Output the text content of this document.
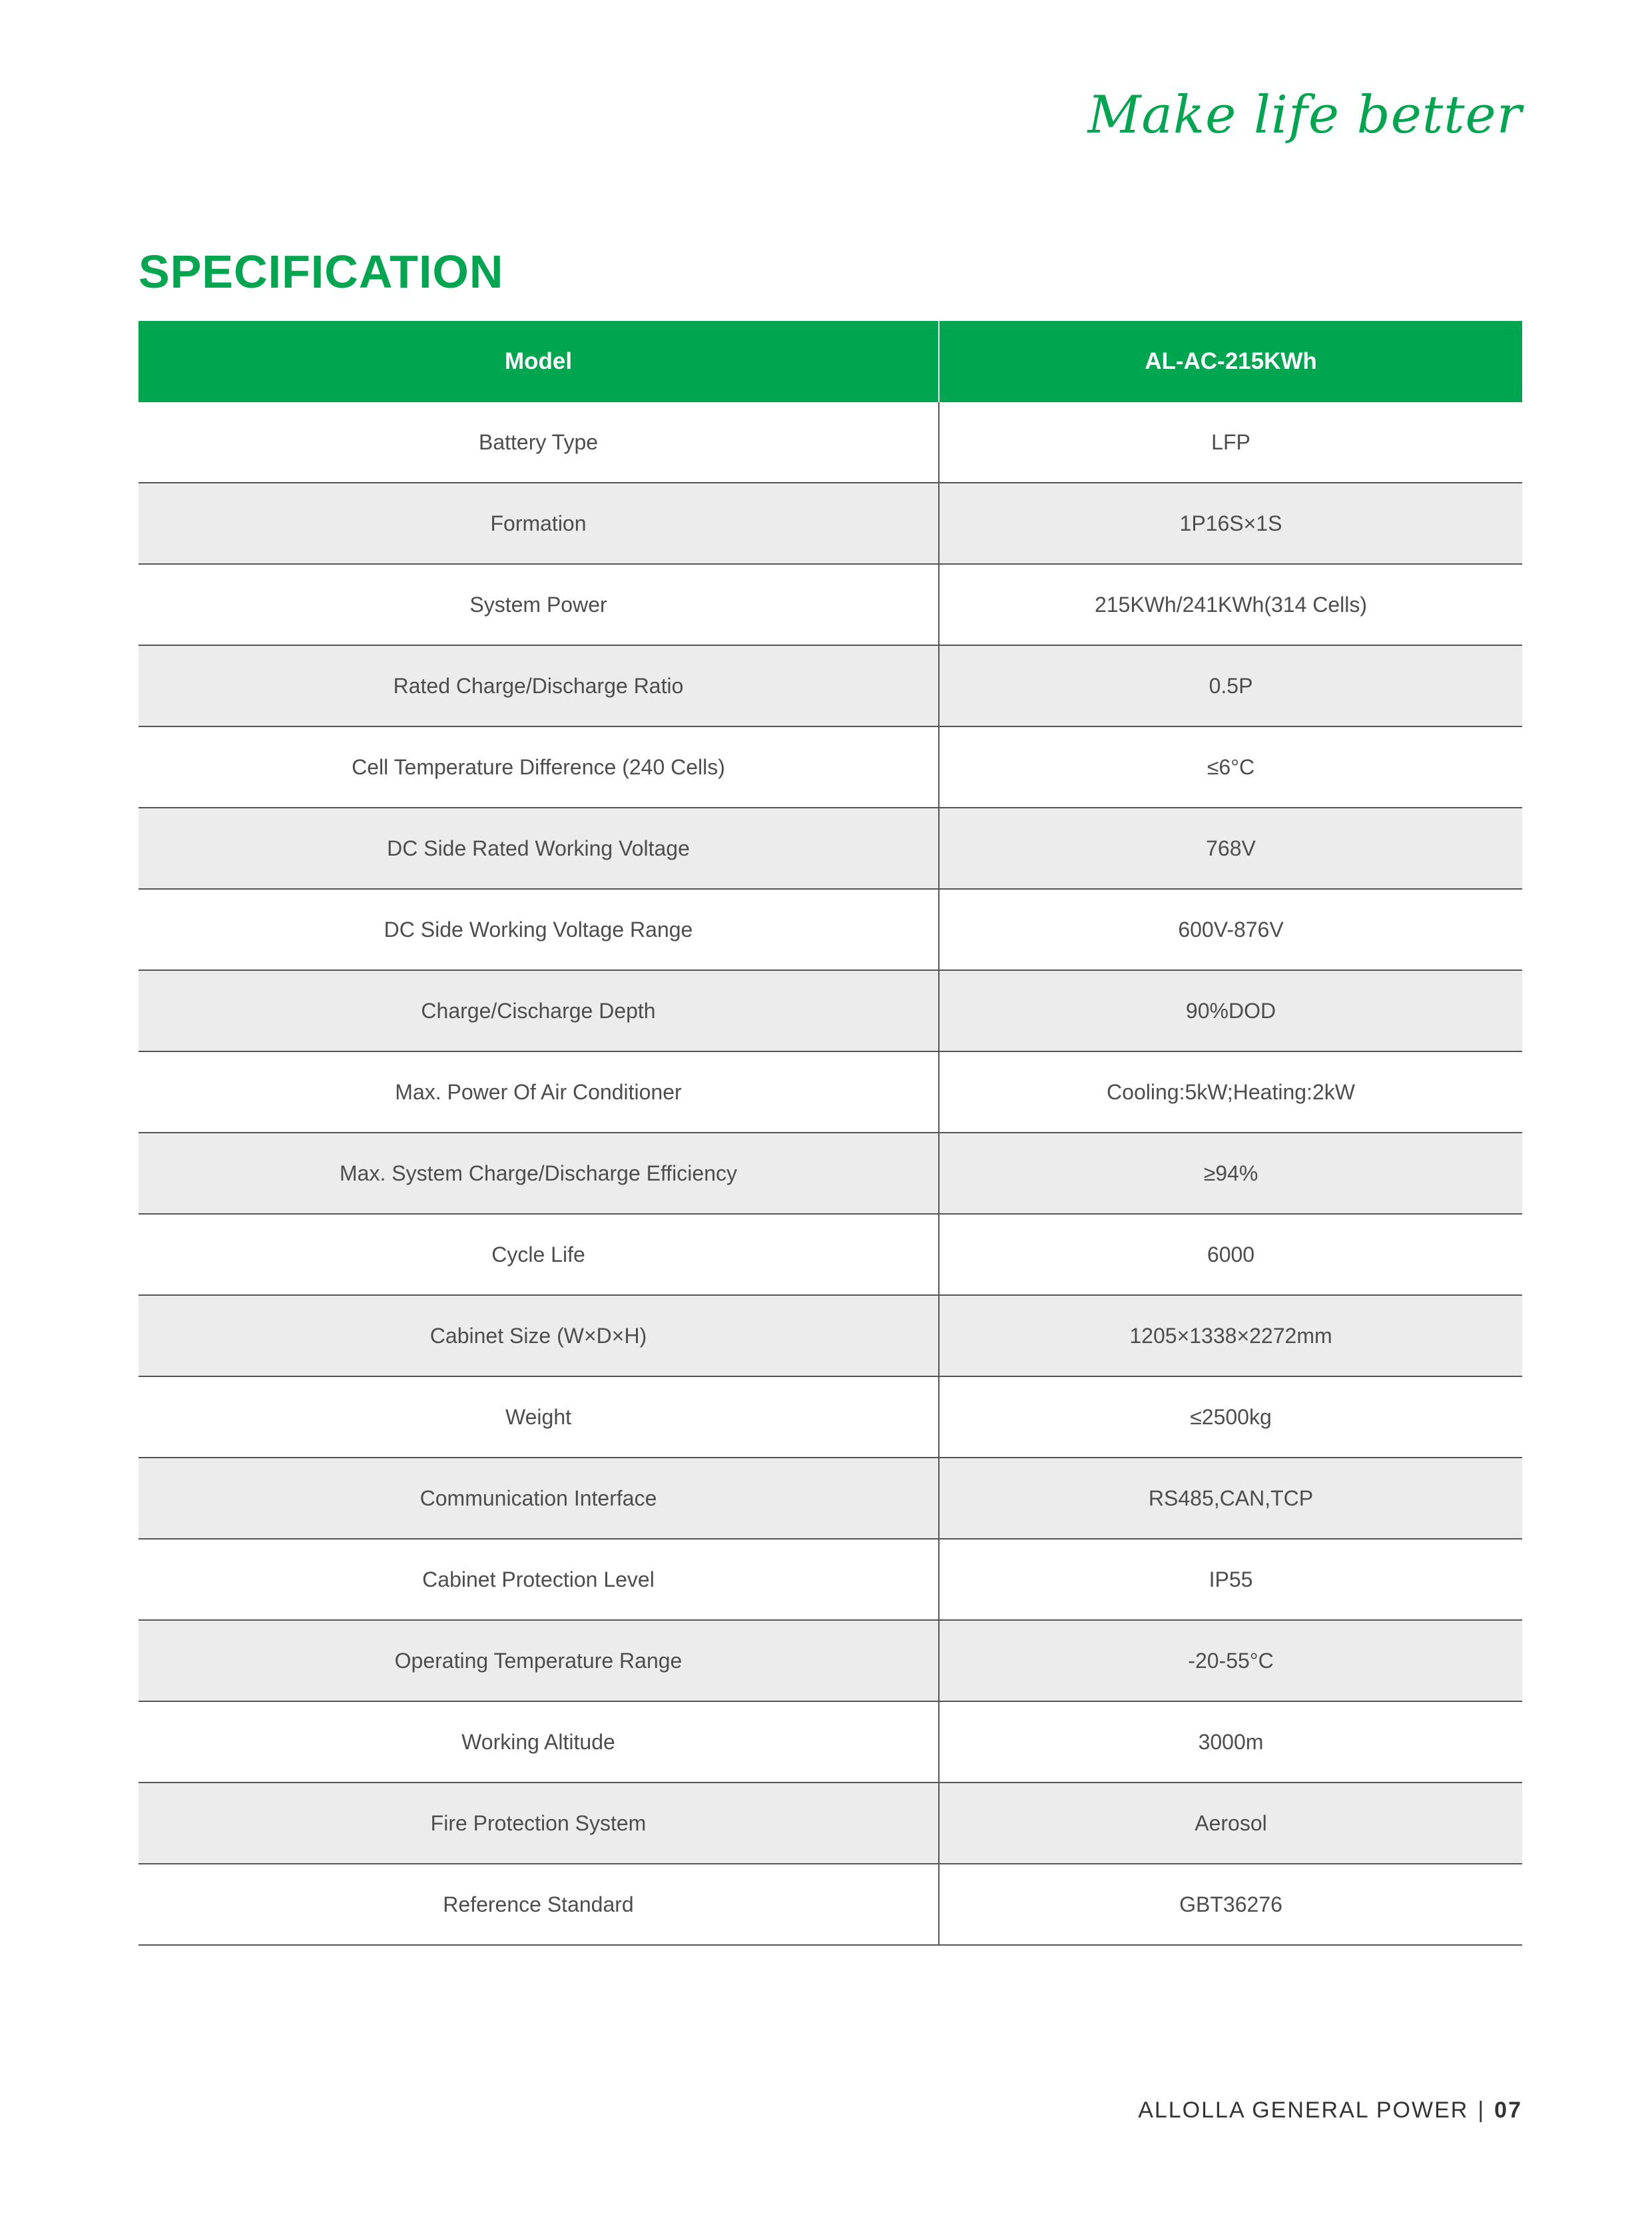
Make life better
SPECIFICATION
Model	AL-AC-215KWh
Battery Type	LFP
Formation	1P16S×1S
System Power	215KWh/241KWh(314 Cells)
Rated Charge/Discharge Ratio	0.5P
Cell Temperature Difference (240 Cells)	≤6°C
DC Side Rated Working Voltage	768V
DC Side Working Voltage Range	600V-876V
Charge/Cischarge Depth	90%DOD
Max. Power Of Air Conditioner	Cooling:5kW;Heating:2kW
Max. System Charge/Discharge Efficiency	≥94%
Cycle Life	6000
Cabinet Size (W×D×H)	1205×1338×2272mm
Weight	≤2500kg
Communication Interface	RS485,CAN,TCP
Cabinet Protection Level	IP55
Operating Temperature Range	-20-55°C
Working Altitude	3000m
Fire Protection System	Aerosol
Reference Standard	GBT36276
ALLOLLA GENERAL POWER | 07
